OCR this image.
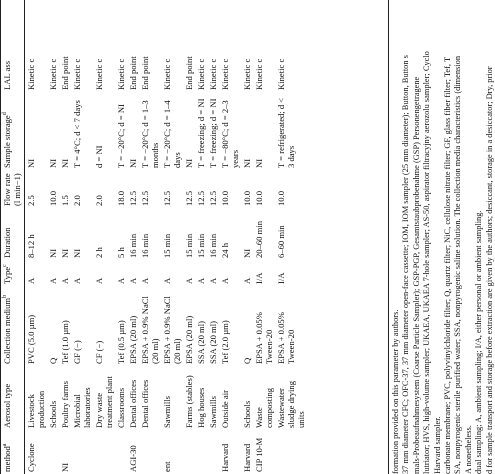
method$^a$	Aerosol type	Collection medium$^b$	Type$^c$	Duration	Flow rate (l min−1)	Sample storage$^d$	LAL ass
Cyclone	Livestock production	PVC (5.0 µm)	A	8–12 h	2.5	NI	Kinetic c
	Schools	Q	A	NI	10.0	NI	Kinetic c
NI	Poultry farms	Tef (1.0 µm)	A	NI	1.5	NI	End point
	Microbial laboratories	GF (−)	A	NI	2.0	T = 4°C; d < 7 days	Kinetic c
	Dry waste treatment plant	CF (−)	A	2 h	2.0	d = NI	Kinetic c
	Classrooms	Tef (0.5 µm)	A	5 h	18.0	T = −20°C; d = NI	Kinetic c
AGI-30	Dental offices	EPSA (20 ml)	A	16 min	12.5	NI	End point
	Dental offices	EPSA + 0.9% NaCl (20 ml)	A	16 min	12.5	T = −20°C; d = 1–3 months	End point
ent	Sawmills	EPSA + 0.9% NaCl (20 ml)	A	15 min	12.5	T = −20°C; d = 1–4 days	Kinetic c
	Farms (stables)	EPSA (20 ml)	A	15 min	12.5	NI	End point
	Hog houses	SSA (20 ml)	A	15 min	12.5	T = freezing; d = NI	Kinetic c
	Sawmills	SSA (20 ml)	A	16 min	12.5	T = freezing; d = NI	Kinetic c
Harvard	Outside air	Tef (2.0 µm)	A	24 h	10.0	T = −80°C; d = 2–3 years	Kinetic c
Harvard	Schools	Q	A	NI	10.0	NI	Kinetic c
CIP 10-M	Waste composting	EPSA + 0.05% Tween-20	I/A	20–60 min	10.0	NI	Kinetic c
	Wastewater sludge drying units	EPSA + 0.05% Tween-20	I/A	6–60 min	10.0	T = refrigerated; d < 3 days	Kinetic c
formation provided on this parameter by authors. 37 mm diameter CFC; OFC-37, 37 mm diameter open-face cassette; IOM, IOM sampler (25 mm diameter); Button, Button s mals-Probeaufnahmesystem (Coarse Particle Sampler); GSP-PGP, Gesamtstaubprobenahme (GSP) Personengetragene lutriator; HVS, high-volume sampler; UKAEA, UKAEA 7-hole sampler; AS-50, aspirator filtracyjny aerozolu sampler; Cyclo Harvard sampler. carbonate membrane; PVC, polyvinylchloride filter; Q, quartz filter; NiC, cellulose nitrate filter; GF, glass fiber filter; Tef, T SA, nonpyrogenic sterile purified water; SSA, nonpyrogenic saline solution. The collection media characteristics (dimension A nonetheless. dual sampling; A, ambient sampling; I/A, either personal or ambient sampling. d for sample transport and storage before extraction are given by the authors; desiccant, storage in a desiccator; Dry, prior
